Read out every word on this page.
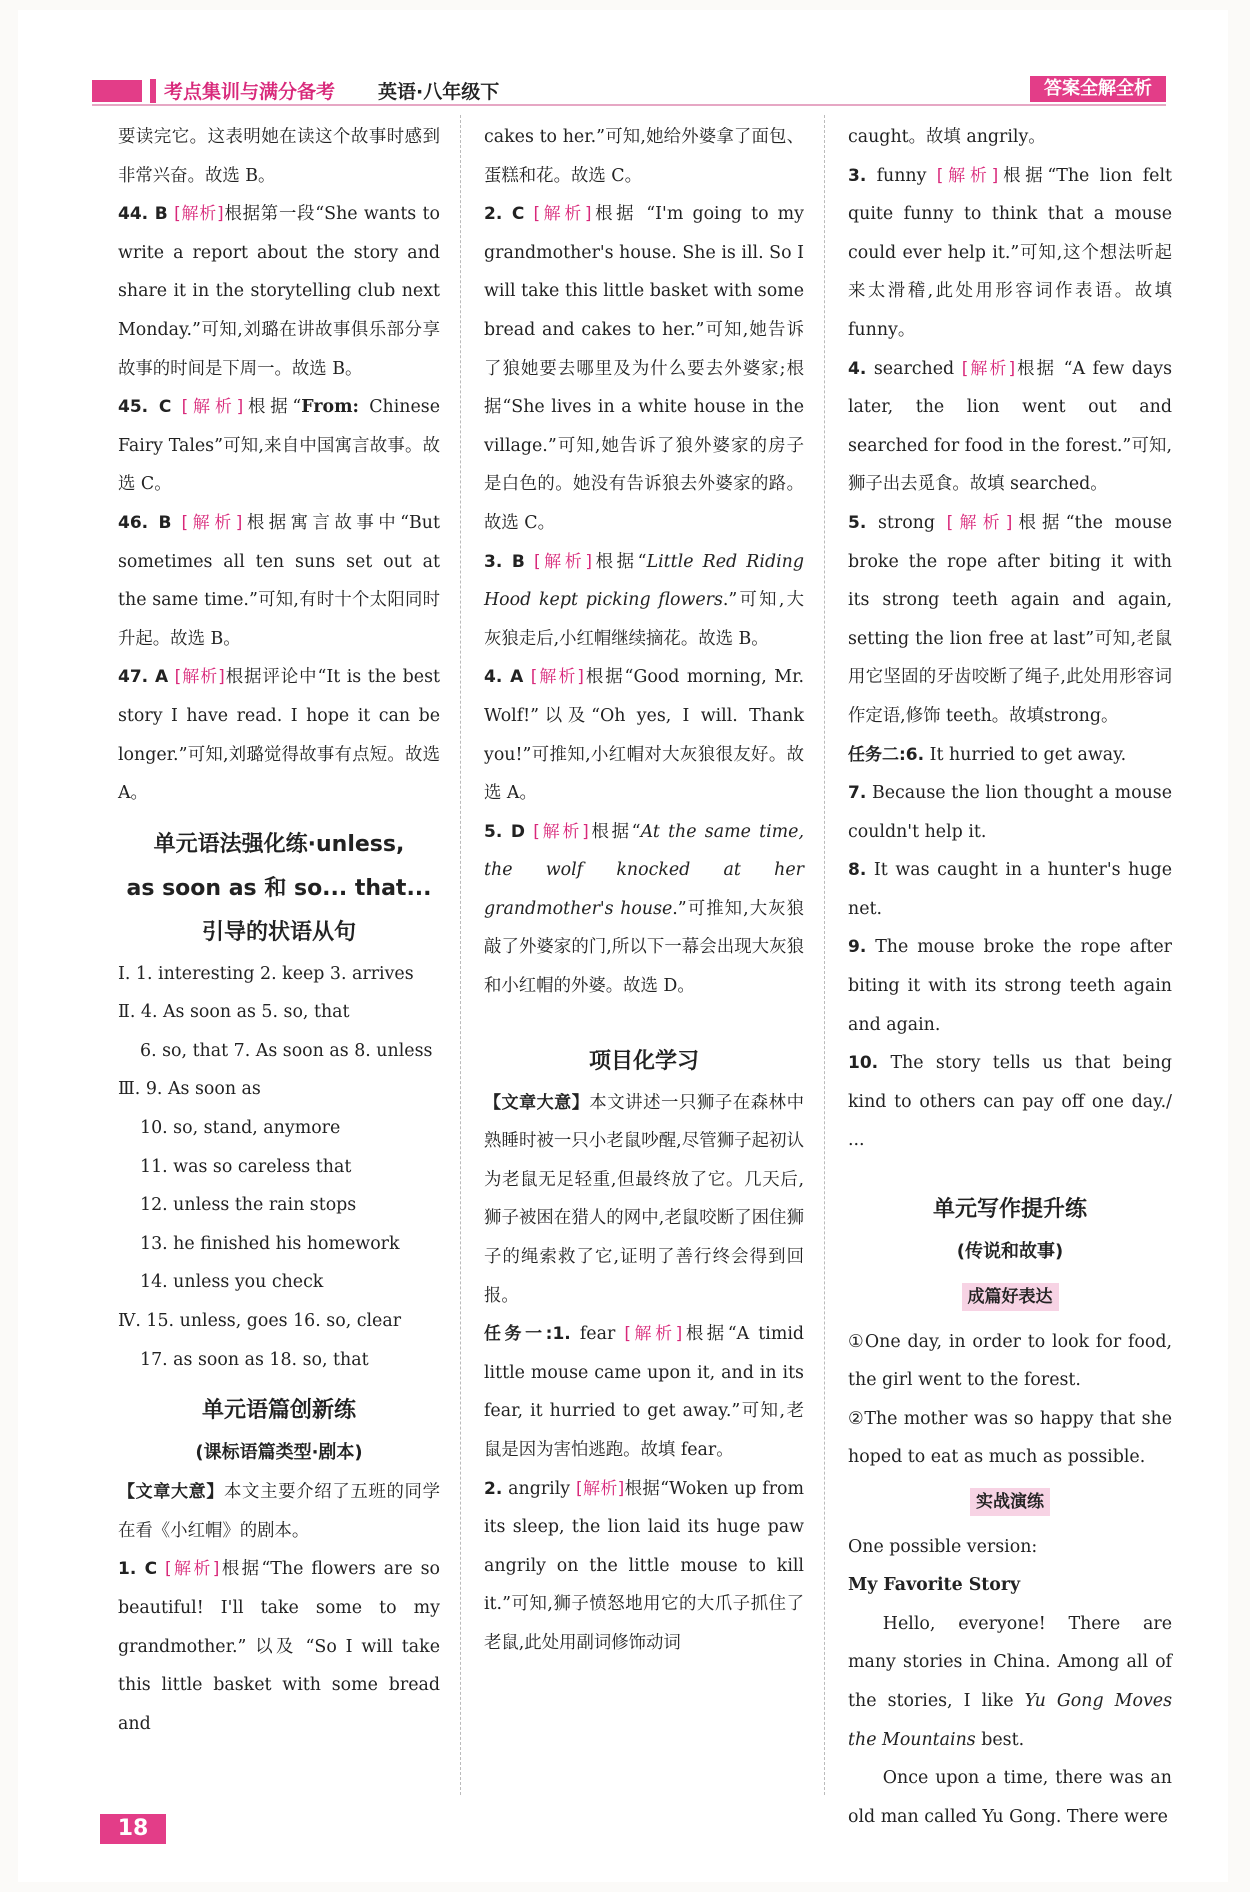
考点集训与满分备考 英语·八年级下	答案全解全析

要读完它。这表明她在读这个故事时感到非常兴奋。故选 B。

44. B [解析]根据第一段“She wants to write a report about the story and share it in the storytelling club next Monday.”可知,刘璐在讲故事俱乐部分享故事的时间是下周一。故选 B。

45. C [解析]根据“From: Chinese Fairy Tales”可知,来自中国寓言故事。故选 C。

46. B [解析]根据寓言故事中“But sometimes all ten suns set out at the same time.”可知,有时十个太阳同时升起。故选 B。

47. A [解析]根据评论中“It is the best story I have read. I hope it can be longer.”可知,刘璐觉得故事有点短。故选 A。

单元语法强化练·unless,
as soon as 和 so... that...
引导的状语从句

Ⅰ. 1. interesting 2. keep 3. arrives

Ⅱ. 4. As soon as 5. so, that

6. so, that 7. As soon as 8. unless

Ⅲ. 9. As soon as

10. so, stand, anymore

11. was so careless that

12. unless the rain stops

13. he finished his homework

14. unless you check

Ⅳ. 15. unless, goes 16. so, clear

17. as soon as 18. so, that

单元语篇创新练
(课标语篇类型·剧本)

【文章大意】本文主要介绍了五班的同学在看《小红帽》的剧本。

1. C [解析]根据“The flowers are so beautiful! I'll take some to my grandmother.” 以及 “So I will take this little basket with some bread and

cakes to her.”可知,她给外婆拿了面包、蛋糕和花。故选 C。

2. C [解析]根据 “I'm going to my grandmother's house. She is ill. So I will take this little basket with some bread and cakes to her.”可知,她告诉了狼她要去哪里及为什么要去外婆家;根据“She lives in a white house in the village.”可知,她告诉了狼外婆家的房子是白色的。她没有告诉狼去外婆家的路。故选 C。

3. B [解析]根据“Little Red Riding Hood kept picking flowers.”可知,大灰狼走后,小红帽继续摘花。故选 B。

4. A [解析]根据“Good morning, Mr. Wolf!”以及“Oh yes, I will. Thank you!”可推知,小红帽对大灰狼很友好。故选 A。

5. D [解析]根据“At the same time, the wolf knocked at her grandmother's house.”可推知,大灰狼敲了外婆家的门,所以下一幕会出现大灰狼和小红帽的外婆。故选 D。

项目化学习

【文章大意】本文讲述一只狮子在森林中熟睡时被一只小老鼠吵醒,尽管狮子起初认为老鼠无足轻重,但最终放了它。几天后,狮子被困在猎人的网中,老鼠咬断了困住狮子的绳索救了它,证明了善行终会得到回报。

任务一:1. fear [解析]根据“A timid little mouse came upon it, and in its fear, it hurried to get away.”可知,老鼠是因为害怕逃跑。故填 fear。

2. angrily [解析]根据“Woken up from its sleep, the lion laid its huge paw angrily on the little mouse to kill it.”可知,狮子愤怒地用它的大爪子抓住了老鼠,此处用副词修饰动词

caught。故填 angrily。

3. funny [解析]根据“The lion felt quite funny to think that a mouse could ever help it.”可知,这个想法听起来太滑稽,此处用形容词作表语。故填 funny。

4. searched [解析]根据 “A few days later, the lion went out and searched for food in the forest.”可知,狮子出去觅食。故填 searched。

5. strong [解析]根据“the mouse broke the rope after biting it with its strong teeth again and again, setting the lion free at last”可知,老鼠用它坚固的牙齿咬断了绳子,此处用形容词作定语,修饰 teeth。故填strong。

任务二:6. It hurried to get away.

7. Because the lion thought a mouse couldn't help it.

8. It was caught in a hunter's huge net.

9. The mouse broke the rope after biting it with its strong teeth again and again.

10. The story tells us that being kind to others can pay off one day./ ...

单元写作提升练
(传说和故事)
成篇好表达

①One day, in order to look for food, the girl went to the forest.

②The mother was so happy that she hoped to eat as much as possible.

实战演练

One possible version:

My Favorite Story

Hello, everyone! There are many stories in China. Among all of the stories, I like Yu Gong Moves the Mountains best.

Once upon a time, there was an old man called Yu Gong. There were

18
